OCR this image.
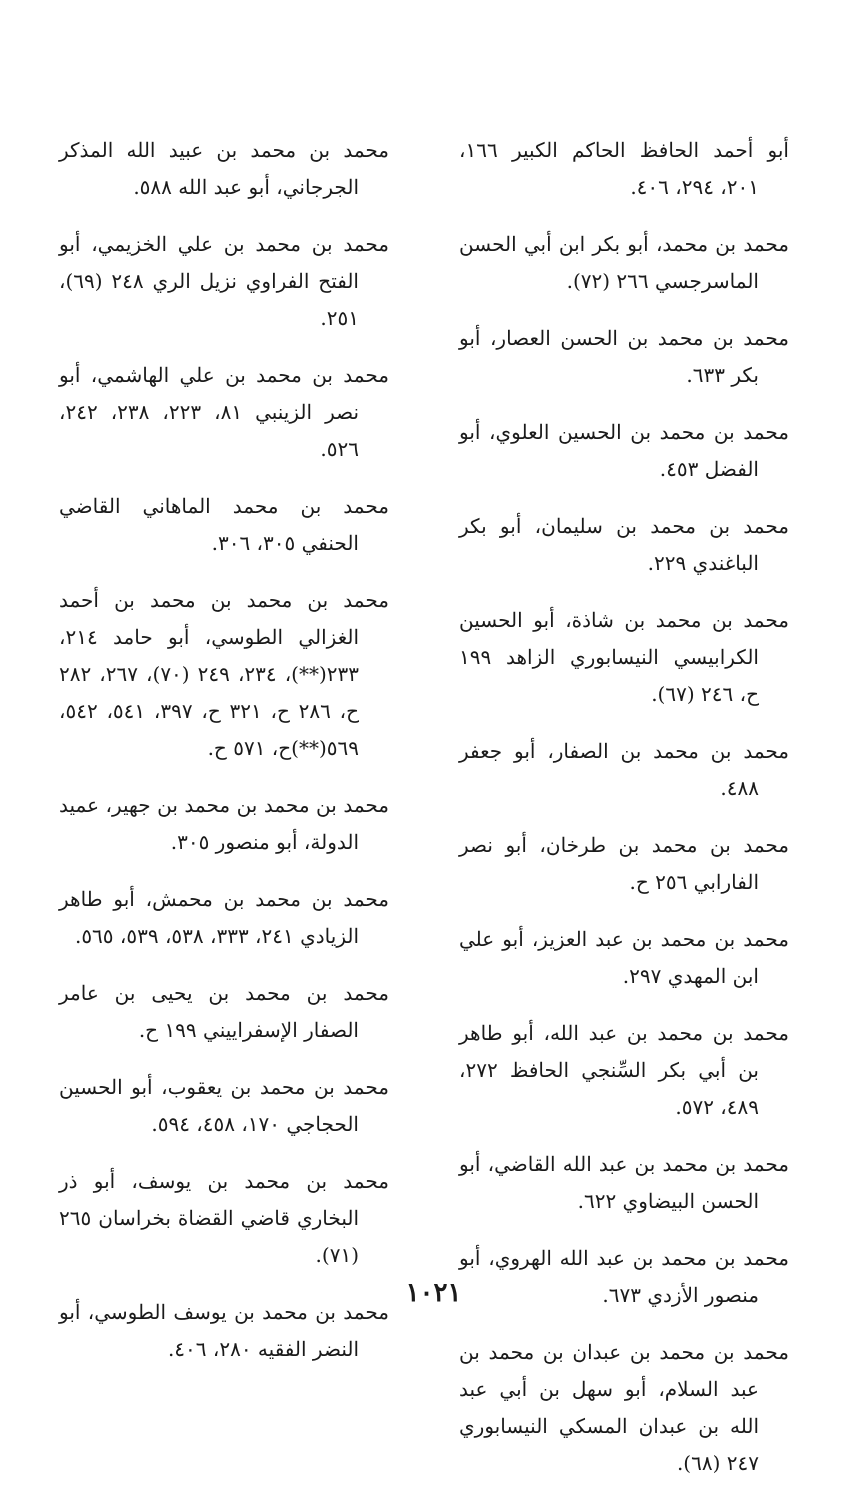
أبو أحمد الحافظ الحاكم الكبير ١٦٦، ٢٠١، ٢٩٤، ٤٠٦.

محمد بن محمد، أبو بكر ابن أبي الحسن الماسرجسي ٢٦٦ (٧٢).

محمد بن محمد بن الحسن العصار، أبو بكر ٦٣٣.

محمد بن محمد بن الحسين العلوي، أبو الفضل ٤٥٣.

محمد بن محمد بن سليمان، أبو بكر الباغندي ٢٢٩.

محمد بن محمد بن شاذة، أبو الحسين الكرابيسي النيسابوري الزاهد ١٩٩ ح، ٢٤٦ (٦٧).

محمد بن محمد بن الصفار، أبو جعفر ٤٨٨.

محمد بن محمد بن طرخان، أبو نصر الفارابي ٢٥٦ ح.

محمد بن محمد بن عبد العزيز، أبو علي ابن المهدي ٢٩٧.

محمد بن محمد بن عبد الله، أبو طاهر بن أبي بكر السِّنجي الحافظ ٢٧٢، ٤٨٩، ٥٧٢.

محمد بن محمد بن عبد الله القاضي، أبو الحسن البيضاوي ٦٢٢.

محمد بن محمد بن عبد الله الهروي، أبو منصور الأزدي ٦٧٣.

محمد بن محمد بن عبدان بن محمد بن عبد السلام، أبو سهل بن أبي عبد الله بن عبدان المسكي النيسابوري ٢٤٧ (٦٨).

محمد بن محمد بن عبيد الله المذكر الجرجاني، أبو عبد الله ٥٨٨.

محمد بن محمد بن علي الخزيمي، أبو الفتح الفراوي نزيل الري ٢٤٨ (٦٩)، ٢٥١.

محمد بن محمد بن علي الهاشمي، أبو نصر الزينبي ٨١، ٢٢٣، ٢٣٨، ٢٤٢، ٥٢٦.

محمد بن محمد الماهاني القاضي الحنفي ٣٠٥، ٣٠٦.

محمد بن محمد بن محمد بن أحمد الغزالي الطوسي، أبو حامد ٢١٤، ٢٣٣(**)، ٢٣٤، ٢٤٩ (٧٠)، ٢٦٧، ٢٨٢ ح، ٢٨٦ ح، ٣٢١ ح، ٣٩٧، ٥٤١، ٥٤٢، ٥٦٩(**)ح، ٥٧١ ح.

محمد بن محمد بن محمد بن جهير، عميد الدولة، أبو منصور ٣٠٥.

محمد بن محمد بن محمش، أبو طاهر الزيادي ٢٤١، ٣٣٣، ٥٣٨، ٥٣٩، ٥٦٥.

محمد بن محمد بن يحيى بن عامر الصفار الإسفراييني ١٩٩ ح.

محمد بن محمد بن يعقوب، أبو الحسين الحجاجي ١٧٠، ٤٥٨، ٥٩٤.

محمد بن محمد بن يوسف، أبو ذر البخاري قاضي القضاة بخراسان ٢٦٥ (٧١).

محمد بن محمد بن يوسف الطوسي، أبو النضر الفقيه ٢٨٠، ٤٠٦.

١٠٢١
